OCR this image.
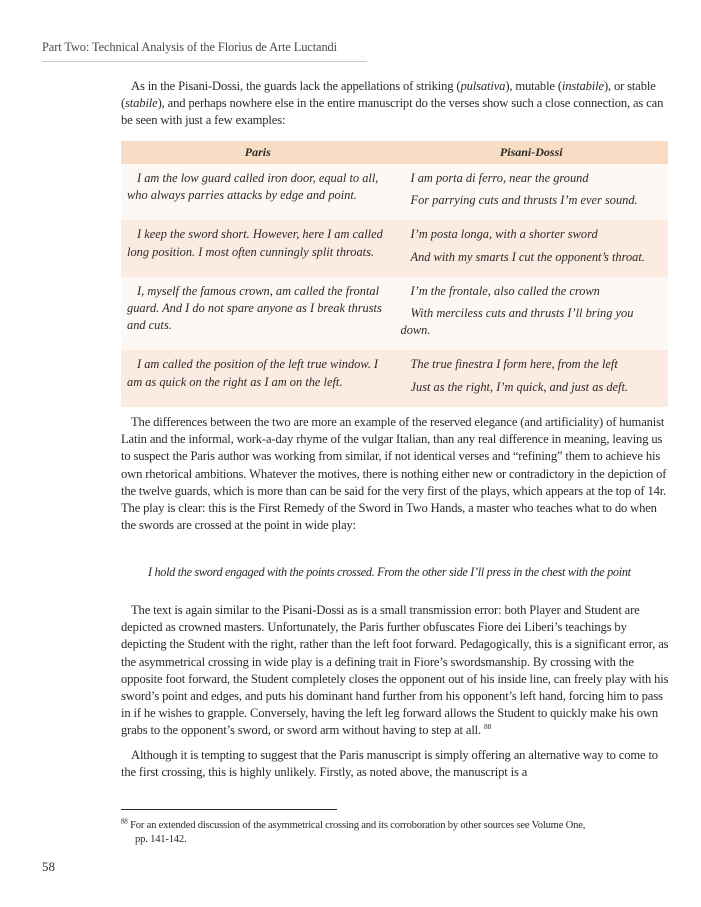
Part Two: Technical Analysis of the Florius de Arte Luctandi

As in the Pisani-Dossi, the guards lack the appellations of striking (pulsativa), mutable (instabile), or stable (stabile), and perhaps nowhere else in the entire manuscript do the verses show such a close connection, as can be seen with just a few examples:

Paris	Pisani-Dossi

I am the low guard called iron door, equal to all, who always parries attacks by edge and point.	I am porta di ferro, near the ground

For parrying cuts and thrusts I’m ever sound.

I keep the sword short. However, here I am called long position. I most often cunningly split throats.	I’m posta longa, with a shorter sword

And with my smarts I cut the opponent’s throat.

I, myself the famous crown, am called the frontal guard. And I do not spare anyone as I break thrusts and cuts.	I’m the frontale, also called the crown

With merciless cuts and thrusts I’ll bring you down.

I am called the position of the left true window. I am as quick on the right as I am on the left.	The true finestra I form here, from the left

Just as the right, I’m quick, and just as deft.

The differences between the two are more an example of the reserved elegance (and artificiality) of humanist Latin and the informal, work-a-day rhyme of the vulgar Italian, than any real difference in meaning, leaving us to suspect the Paris author was working from similar, if not identical verses and “refining” them to achieve his own rhetorical ambitions. Whatever the motives, there is nothing either new or contradictory in the depiction of the twelve guards, which is more than can be said for the very first of the plays, which appears at the top of 14r. The play is clear: this is the First Remedy of the Sword in Two Hands, a master who teaches what to do when the swords are crossed at the point in wide play:

I hold the sword engaged with the points crossed. From the other side I’ll press in the chest with the point

The text is again similar to the Pisani-Dossi as is a small transmission error: both Player and Student are depicted as crowned masters. Unfortunately, the Paris further obfuscates Fiore dei Liberi’s teachings by depicting the Student with the right, rather than the left foot forward. Pedagogically, this is a significant error, as the asymmetrical crossing in wide play is a defining trait in Fiore’s swordsmanship. By crossing with the opposite foot forward, the Student completely closes the opponent out of his inside line, can freely play with his sword’s point and edges, and puts his dominant hand further from his opponent’s left hand, forcing him to pass in if he wishes to grapple. Conversely, having the left leg forward allows the Student to quickly make his own grabs to the opponent’s sword, or sword arm without having to step at all. $^{88}$

Although it is tempting to suggest that the Paris manuscript is simply offering an alternative way to come to the first crossing, this is highly unlikely. Firstly, as noted above, the manuscript is a

$^{88}$ For an extended discussion of the asymmetrical crossing and its corroboration by other sources see Volume One,
pp. 141-142.
58
